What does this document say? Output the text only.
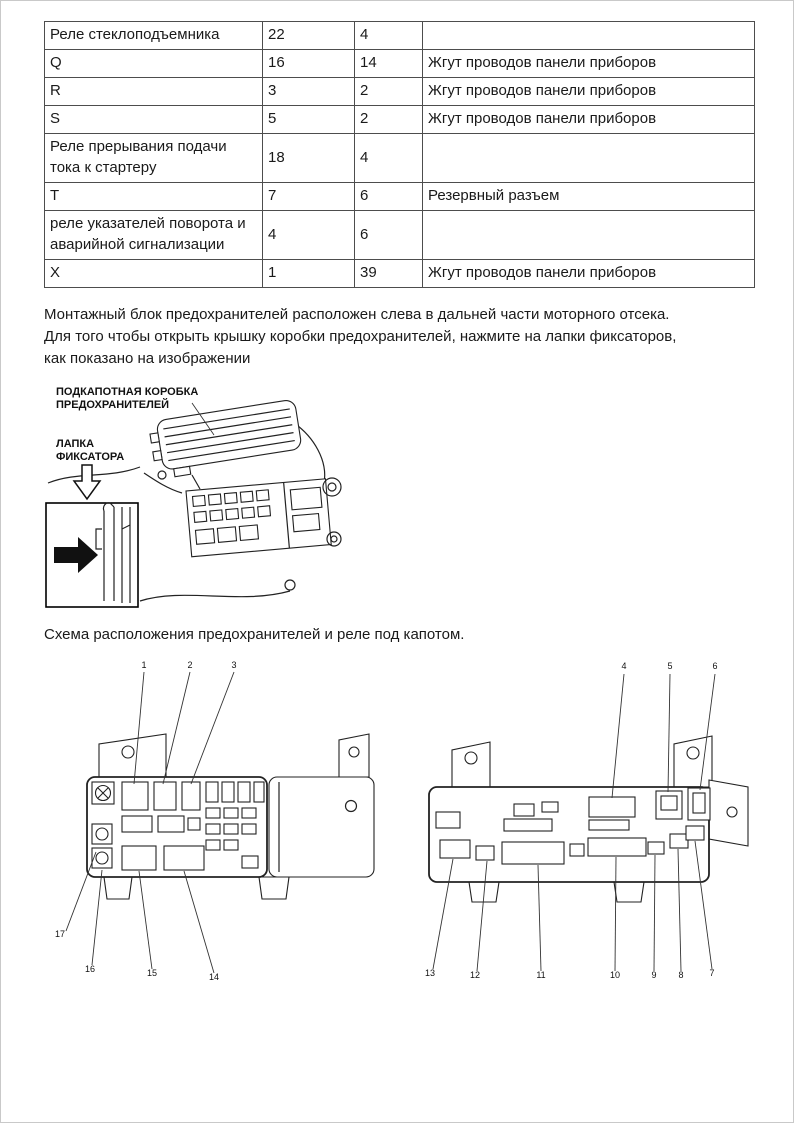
Реле стеклоподъемника	22	4	
Q	16	14	Жгут проводов панели приборов
R	3	2	Жгут проводов панели приборов
S	5	2	Жгут проводов панели приборов
Реле прерывания подачи тока к стартеру	18	4	
T	7	6	Резервный разъем
реле указателей поворота и аварийной сигнализации	4	6	
X	1	39	Жгут проводов панели приборов

Монтажный блок предохранителей расположен слева в дальней части моторного отсека.

Для того чтобы открыть крышку коробки предохранителей, нажмите на лапки фиксаторов,

как показано на изображении

ПОДКАПОТНАЯ КОРОБКА
ПРЕДОХРАНИТЕЛЕЙ
ЛАПКА
ФИКСАТОРА

Схема расположения предохранителей и реле под капотом.

1	2	3	4	5	6
17
16	15	14	13	12	11	10	9 8	7
